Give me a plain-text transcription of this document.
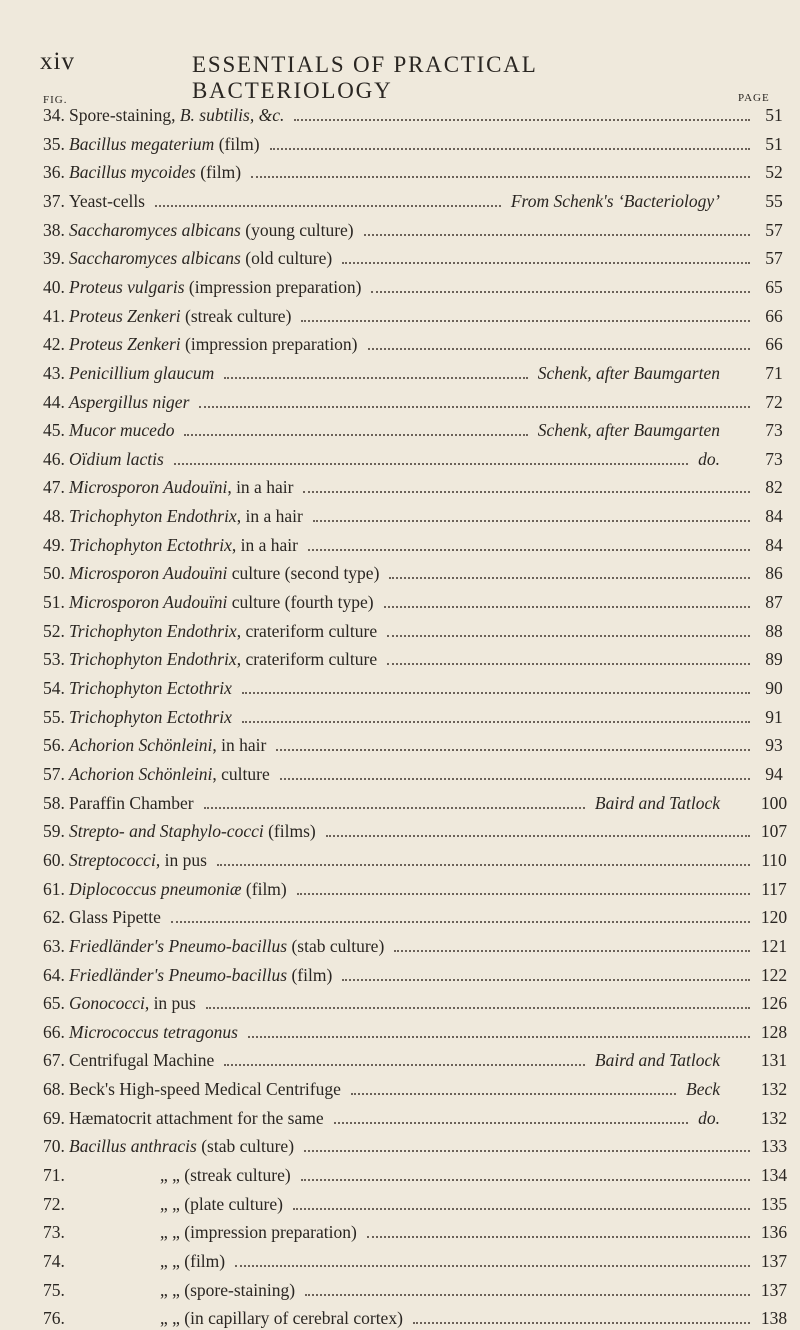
xiv	ESSENTIALS OF PRACTICAL BACTERIOLOGY
FIG.	PAGE
34. Spore-staining, B. subtilis, &c.	51
35. Bacillus megaterium (film)	51
36. Bacillus mycoides (film)	52
37. Yeast-cells	From Schenk's ‘Bacteriology’	55
38. Saccharomyces albicans (young culture)	57
39. Saccharomyces albicans (old culture)	57
40. Proteus vulgaris (impression preparation)	65
41. Proteus Zenkeri (streak culture)	66
42. Proteus Zenkeri (impression preparation)	66
43. Penicillium glaucum	Schenk, after Baumgarten	71
44. Aspergillus niger	72
45. Mucor mucedo	Schenk, after Baumgarten	73
46. Oïdium lactis	do.	73
47. Microsporon Audouïni, in a hair	82
48. Trichophyton Endothrix, in a hair	84
49. Trichophyton Ectothrix, in a hair	84
50. Microsporon Audouïni culture (second type)	86
51. Microsporon Audouïni culture (fourth type)	87
52. Trichophyton Endothrix, crateriform culture	88
53. Trichophyton Endothrix, crateriform culture	89
54. Trichophyton Ectothrix	90
55. Trichophyton Ectothrix	91
56. Achorion Schönleini, in hair	93
57. Achorion Schönleini, culture	94
58. Paraffin Chamber	Baird and Tatlock 100
59. Strepto- and Staphylo-cocci (films)	107
60. Streptococci, in pus	110
61. Diplococcus pneumoniæ (film)	117
62. Glass Pipette	120
63. Friedländer's Pneumo-bacillus (stab culture)	121
64. Friedländer's Pneumo-bacillus (film)	122
65. Gonococci, in pus	126
66. Micrococcus tetragonus	128
67. Centrifugal Machine	Baird and Tatlock 131
68. Beck's High-speed Medical Centrifuge	Beck 132
69. Hæmatocrit attachment for the same	do. 132
70. Bacillus anthracis (stab culture)	133
71.	„ „ (streak culture)	134
72.	„ „ (plate culture)	135
73.	„ „ (impression preparation)	136
74.	„ „ (film)	137
75.	„ „ (spore-staining)	137
76.	„ „ (in capillary of cerebral cortex)	138
